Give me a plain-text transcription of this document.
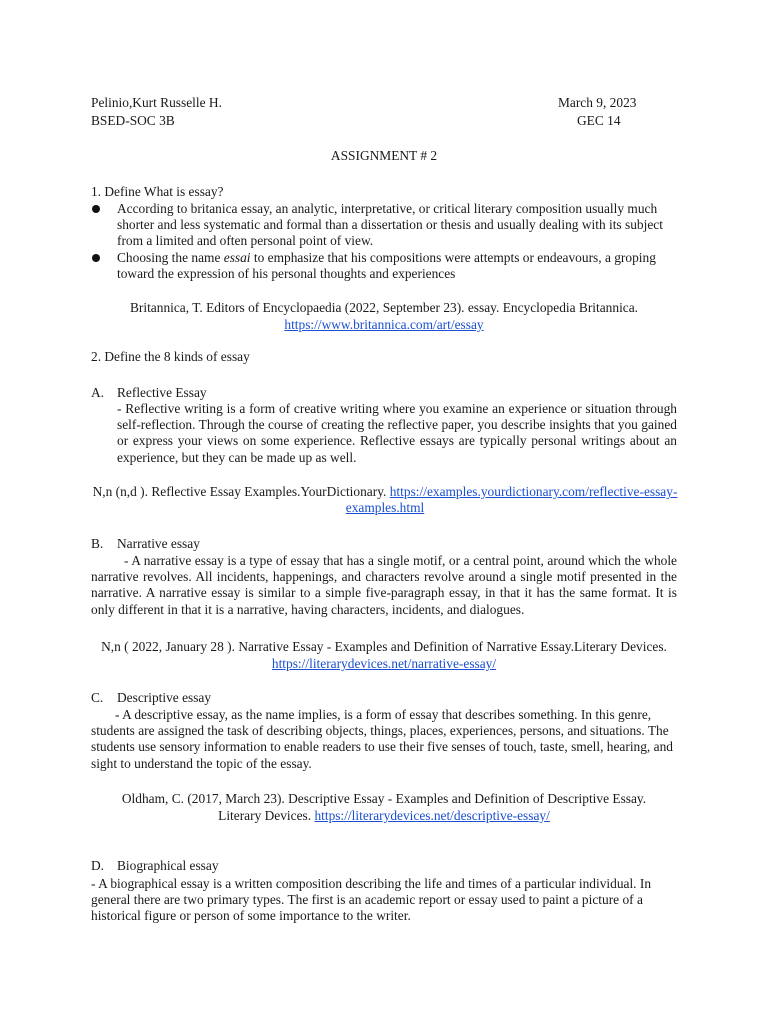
Pelinio,Kurt Russelle H.	March 9, 2023
BSED-SOC 3B	GEC 14
ASSIGNMENT # 2
1. Define What is essay?
According to britanica essay, an analytic, interpretative, or critical literary composition usually much shorter and less systematic and formal than a dissertation or thesis and usually dealing with its subject from a limited and often personal point of view.
Choosing the name essai to emphasize that his compositions were attempts or endeavours, a groping toward the expression of his personal thoughts and experiences
Britannica, T. Editors of Encyclopaedia (2022, September 23). essay. Encyclopedia Britannica.
https://www.britannica.com/art/essay
2. Define the 8 kinds of essay
A. Reflective Essay
- Reflective writing is a form of creative writing where you examine an experience or situation through self-reflection. Through the course of creating the reflective paper, you describe insights that you gained or express your views on some experience. Reflective essays are typically personal writings about an experience, but they can be made up as well.
N,n (n,d ). Reflective Essay Examples.YourDictionary. https://examples.yourdictionary.com/reflective-essay-examples.html
B. Narrative essay
- A narrative essay is a type of essay that has a single motif, or a central point, around which the whole narrative revolves. All incidents, happenings, and characters revolve around a single motif presented in the narrative. A narrative essay is similar to a simple five-paragraph essay, in that it has the same format. It is only different in that it is a narrative, having characters, incidents, and dialogues.
N,n ( 2022, January 28 ). Narrative Essay - Examples and Definition of Narrative Essay.Literary Devices.
https://literarydevices.net/narrative-essay/
C. Descriptive essay
- A descriptive essay, as the name implies, is a form of essay that describes something. In this genre, students are assigned the task of describing objects, things, places, experiences, persons, and situations. The students use sensory information to enable readers to use their five senses of touch, taste, smell, hearing, and sight to understand the topic of the essay.
Oldham, C. (2017, March 23). Descriptive Essay - Examples and Definition of Descriptive Essay.
Literary Devices. https://literarydevices.net/descriptive-essay/
D. Biographical essay
- A biographical essay is a written composition describing the life and times of a particular individual. In general there are two primary types. The first is an academic report or essay used to paint a picture of a historical figure or person of some importance to the writer.
